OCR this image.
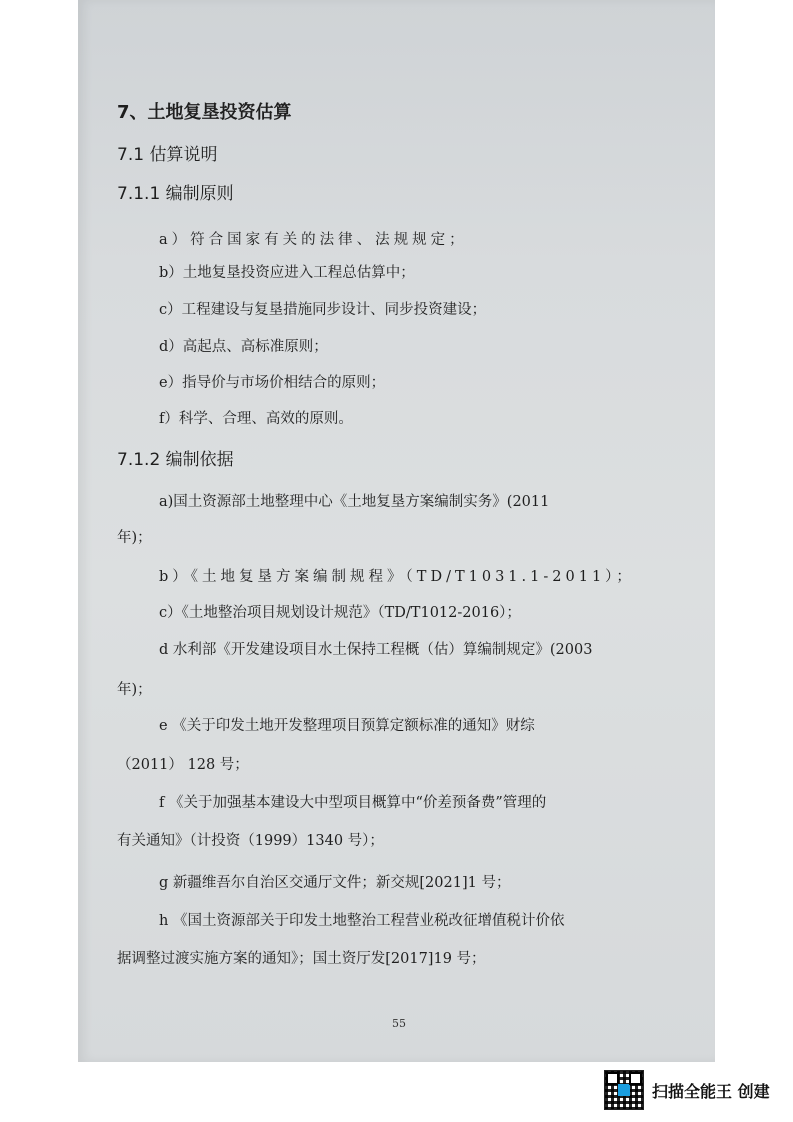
7、土地复垦投资估算
7.1 估算说明
7.1.1 编制原则
a）符合国家有关的法律、法规规定；
b）土地复垦投资应进入工程总估算中；
c）工程建设与复垦措施同步设计、同步投资建设；
d）高起点、高标准原则；
e）指导价与市场价相结合的原则；
f）科学、合理、高效的原则。
7.1.2 编制依据
a)国土资源部土地整理中心《土地复垦方案编制实务》(2011
年)；
b）《土地复垦方案编制规程》（TD/T1031.1-2011）；
c）《土地整治项目规划设计规范》（TD/T1012-2016）；
d 水利部《开发建设项目水土保持工程概（估）算编制规定》(2003
年)；
e 《关于印发土地开发整理项目预算定额标准的通知》财综
（2011） 128 号；
f 《关于加强基本建设大中型项目概算中“价差预备费”管理的
有关通知》（计投资（1999）1340 号）；
g 新疆维吾尔自治区交通厅文件；新交规[2021]1 号；
h 《国土资源部关于印发土地整治工程营业税改征增值税计价依
据调整过渡实施方案的通知》；国土资厅发[2017]19 号；
55
扫描全能王 创建
